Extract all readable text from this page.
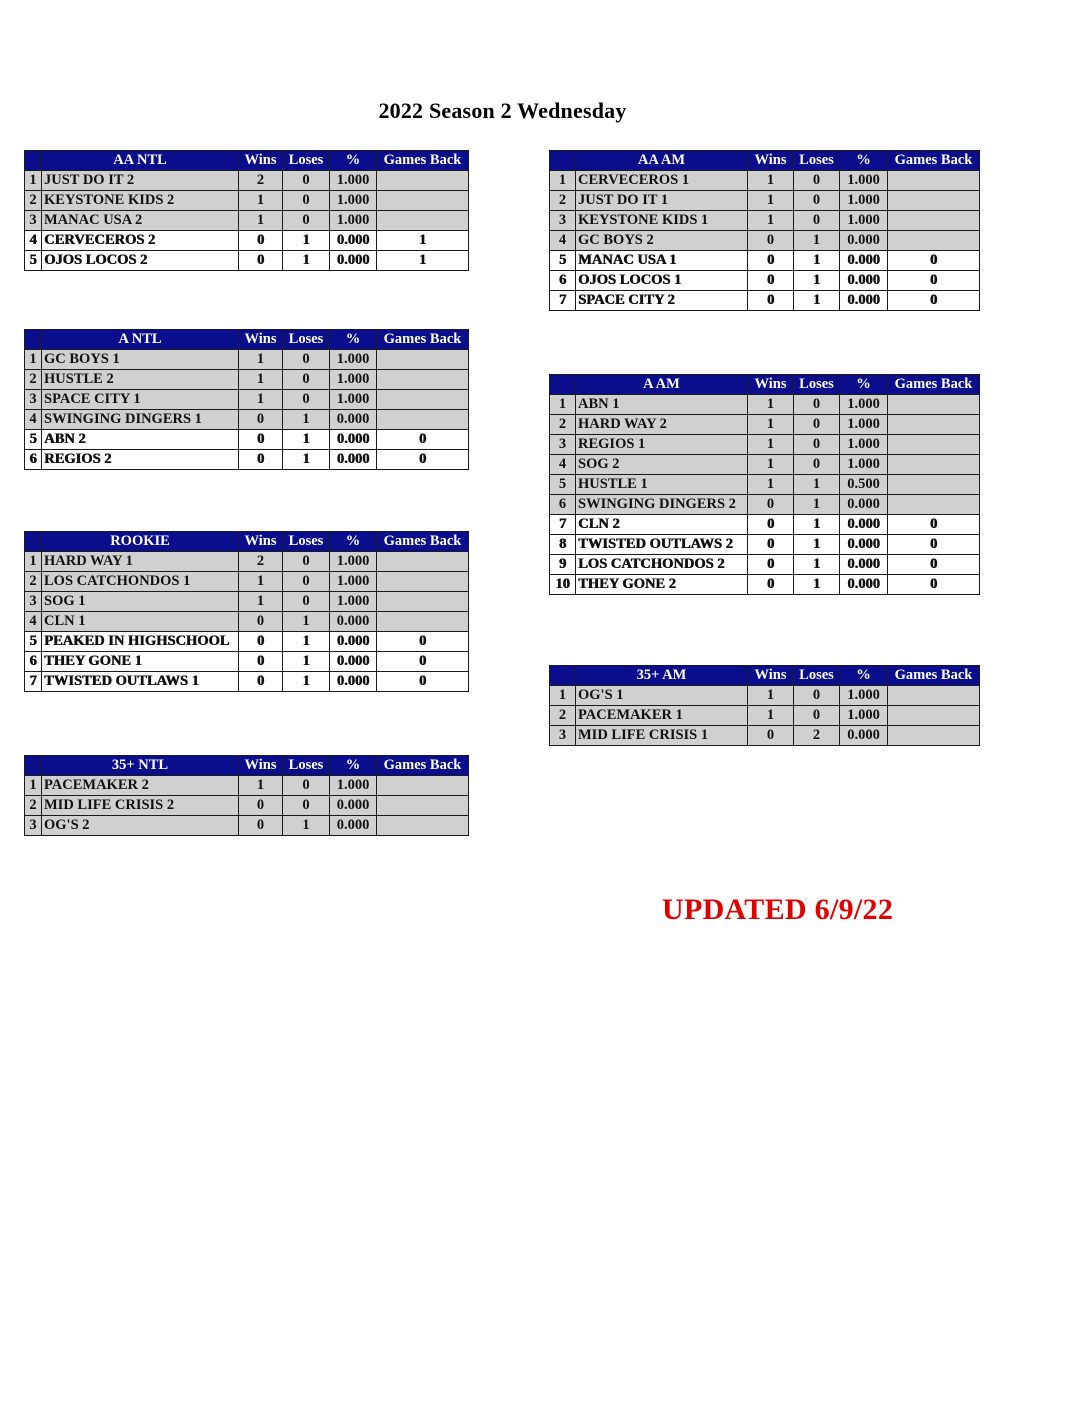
2022 Season 2 Wednesday
	AA NTL	Wins	Loses	%	Games Back
1	JUST DO IT 2	2	0	1.000	
2	KEYSTONE KIDS 2	1	0	1.000	
3	MANAC USA 2	1	0	1.000	
4	CERVECEROS 2	0	1	0.000	1
5	OJOS LOCOS 2	0	1	0.000	1
	A NTL	Wins	Loses	%	Games Back
1	GC BOYS 1	1	0	1.000	
2	HUSTLE 2	1	0	1.000	
3	SPACE CITY 1	1	0	1.000	
4	SWINGING DINGERS 1	0	1	0.000	
5	ABN 2	0	1	0.000	0
6	REGIOS 2	0	1	0.000	0
	ROOKIE	Wins	Loses	%	Games Back
1	HARD WAY 1	2	0	1.000	
2	LOS CATCHONDOS 1	1	0	1.000	
3	SOG 1	1	0	1.000	
4	CLN 1	0	1	0.000	
5	PEAKED IN HIGHSCHOOL	0	1	0.000	0
6	THEY GONE 1	0	1	0.000	0
7	TWISTED OUTLAWS 1	0	1	0.000	0
	35+ NTL	Wins	Loses	%	Games Back
1	PACEMAKER 2	1	0	1.000	
2	MID LIFE CRISIS 2	0	0	0.000	
3	OG'S 2	0	1	0.000	
	AA AM	Wins	Loses	%	Games Back
1	CERVECEROS 1	1	0	1.000	
2	JUST DO IT 1	1	0	1.000	
3	KEYSTONE KIDS 1	1	0	1.000	
4	GC BOYS 2	0	1	0.000	
5	MANAC USA 1	0	1	0.000	0
6	OJOS LOCOS 1	0	1	0.000	0
7	SPACE CITY 2	0	1	0.000	0
	A AM	Wins	Loses	%	Games Back
1	ABN 1	1	0	1.000	
2	HARD WAY 2	1	0	1.000	
3	REGIOS 1	1	0	1.000	
4	SOG 2	1	0	1.000	
5	HUSTLE 1	1	1	0.500	
6	SWINGING DINGERS 2	0	1	0.000	
7	CLN 2	0	1	0.000	0
8	TWISTED OUTLAWS 2	0	1	0.000	0
9	LOS CATCHONDOS 2	0	1	0.000	0
10	THEY GONE 2	0	1	0.000	0
	35+ AM	Wins	Loses	%	Games Back
1	OG'S 1	1	0	1.000	
2	PACEMAKER 1	1	0	1.000	
3	MID LIFE CRISIS 1	0	2	0.000	
UPDATED 6/9/22
